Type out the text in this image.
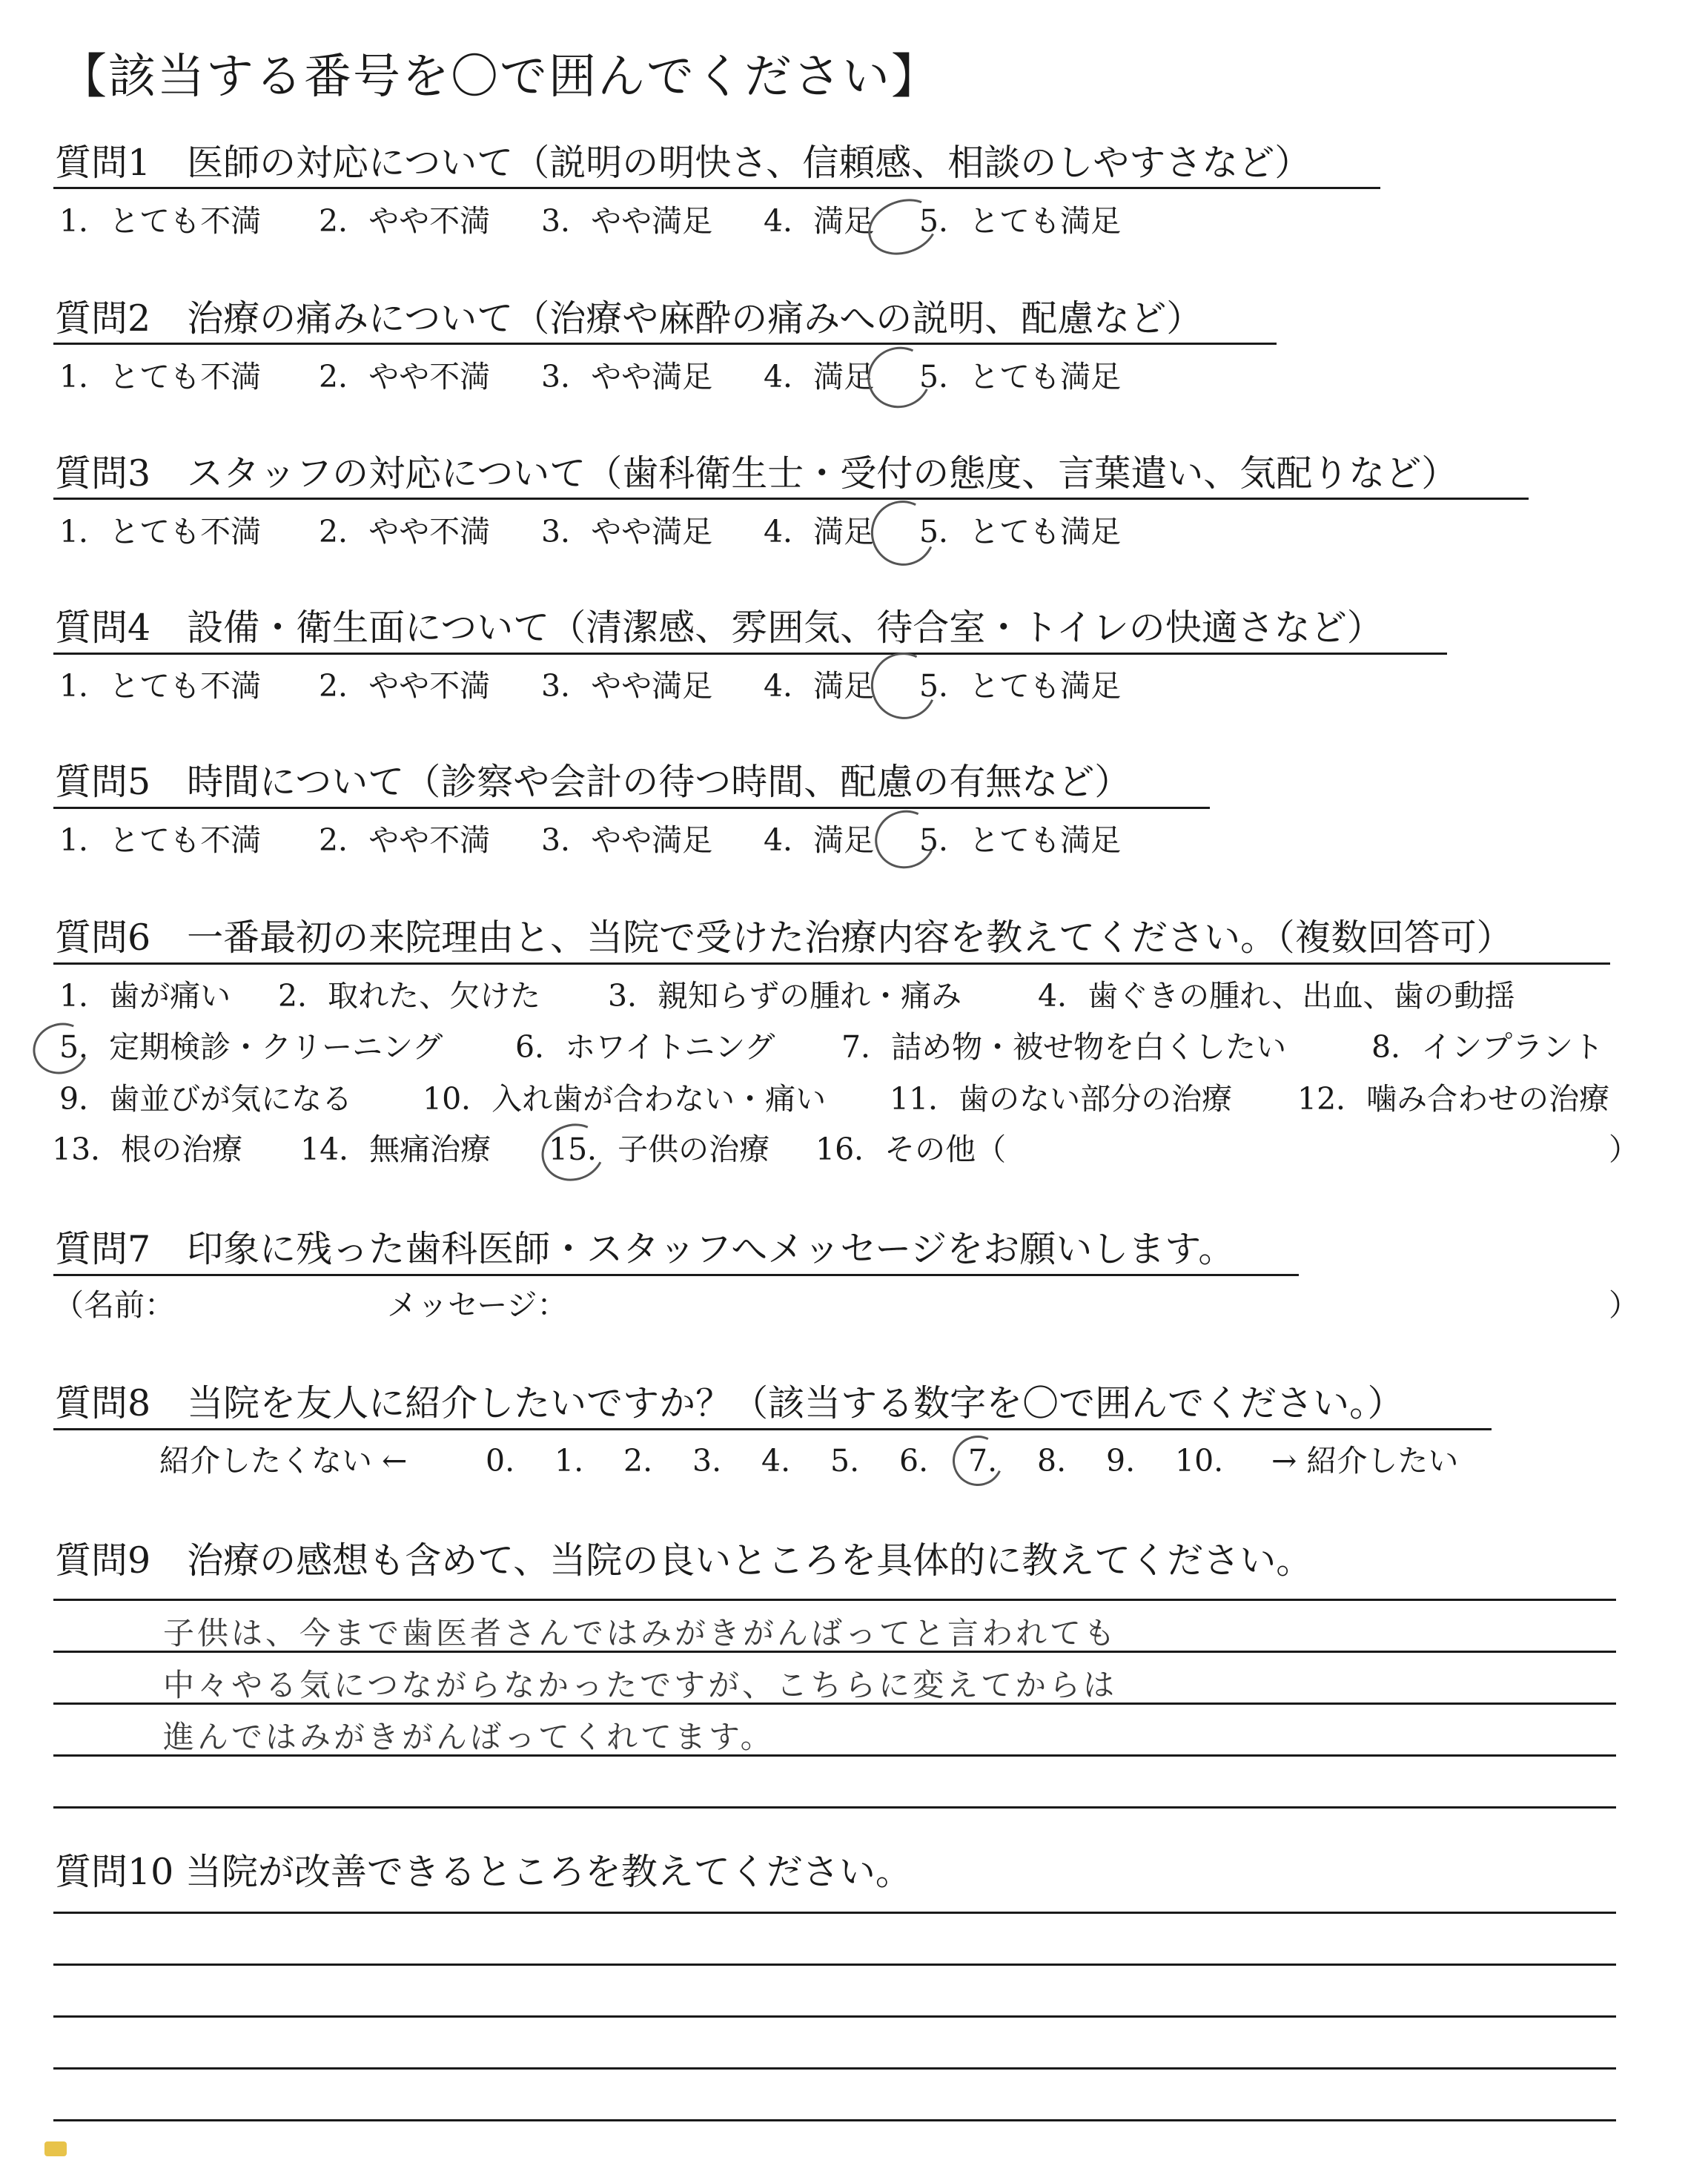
【該当する番号を〇で囲んでください】
質問1　医師の対応について（説明の明快さ、信頼感、相談のしやすさなど）
1．とても不満 2．やや不満 3．やや満足 4．満足 5．とても満足
質問2　治療の痛みについて（治療や麻酔の痛みへの説明、配慮など）
1．とても不満 2．やや不満 3．やや満足 4．満足 5．とても満足
質問3　スタッフの対応について（歯科衛生士・受付の態度、言葉遣い、気配りなど）
1．とても不満 2．やや不満 3．やや満足 4．満足 5．とても満足
質問4　設備・衛生面について（清潔感、雰囲気、待合室・トイレの快適さなど）
1．とても不満 2．やや不満 3．やや満足 4．満足 5．とても満足
質問5　時間について（診察や会計の待つ時間、配慮の有無など）
1．とても不満 2．やや不満 3．やや満足 4．満足 5．とても満足
質問6　一番最初の来院理由と、当院で受けた治療内容を教えてください。（複数回答可）
1．歯が痛い 2．取れた、欠けた 3．親知らずの腫れ・痛み	4．歯ぐきの腫れ、出血、歯の動揺
5．定期検診・クリーニング 6．ホワイトニング 7．詰め物・被せ物を白くしたい	8．インプラント
9．歯並びが気になる 10．入れ歯が合わない・痛い 11．歯のない部分の治療 12．噛み合わせの治療
13．根の治療 14．無痛治療 15．子供の治療 16．その他（	）
質問7　印象に残った歯科医師・スタッフへメッセージをお願いします。
（名前：	メッセージ：	）
質問8　当院を友人に紹介したいですか？（該当する数字を〇で囲んでください。）
紹介したくない ←	0. 1. 2. 3. 4. 5. 6. 7. 8. 9. 10. → 紹介したい
質問9　治療の感想も含めて、当院の良いところを具体的に教えてください。
子供は、今まで歯医者さんではみがきがんばってと言われても
中々やる気につながらなかったですが、こちらに変えてからは
進んではみがきがんばってくれてます。
質問10 当院が改善できるところを教えてください。
